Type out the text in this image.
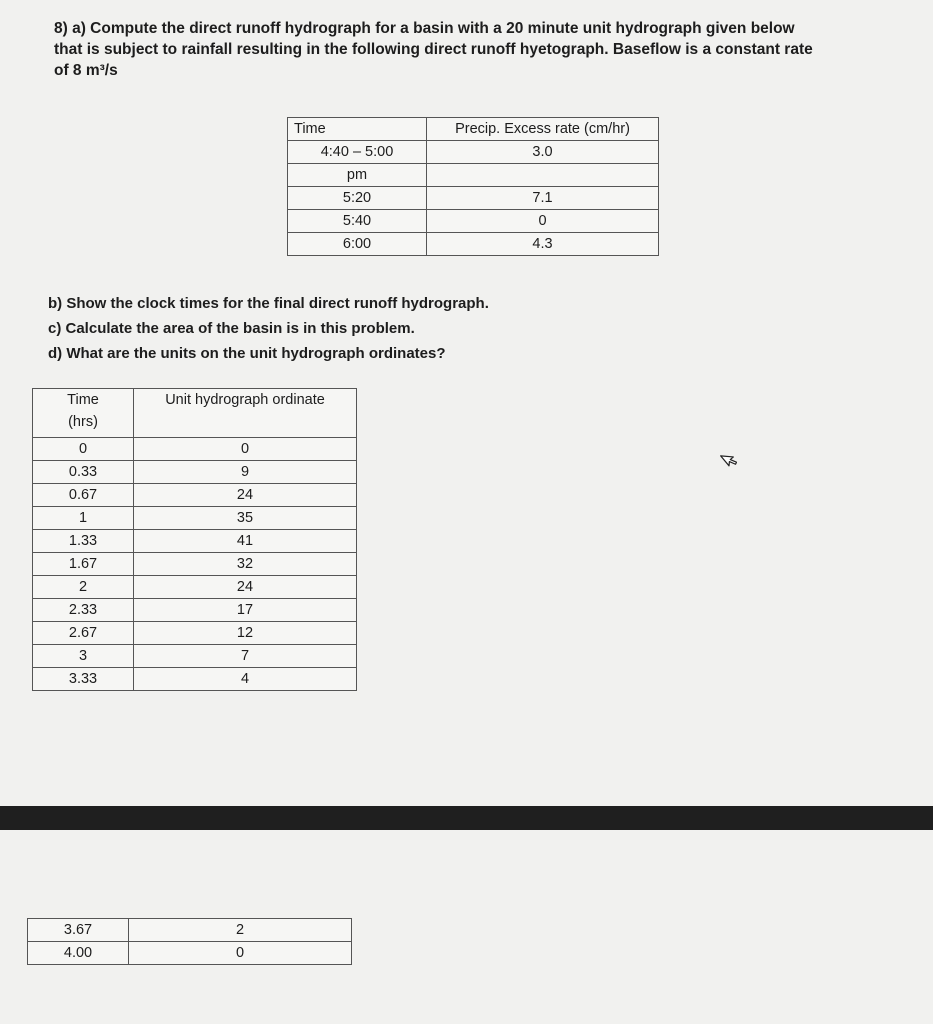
8) a) Compute the direct runoff hydrograph for a basin with a 20 minute unit hydrograph given below

that is subject to rainfall resulting in the following direct runoff hyetograph. Baseflow is a constant rate

of 8 m³/s

Time	Precip. Excess rate (cm/hr)
4:40 – 5:00	3.0
pm	
5:20	7.1
5:40	0
6:00	4.3
b) Show the clock times for the final direct runoff hydrograph.
c) Calculate the area of the basin is in this problem.
d) What are the units on the unit hydrograph ordinates?
Time
(hrs)	Unit hydrograph ordinate
0	0
0.33	9
0.67	24
1	35
1.33	41
1.67	32
2	24
2.33	17
2.67	12
3	7
3.33	4
3.67	2
4.00	0
